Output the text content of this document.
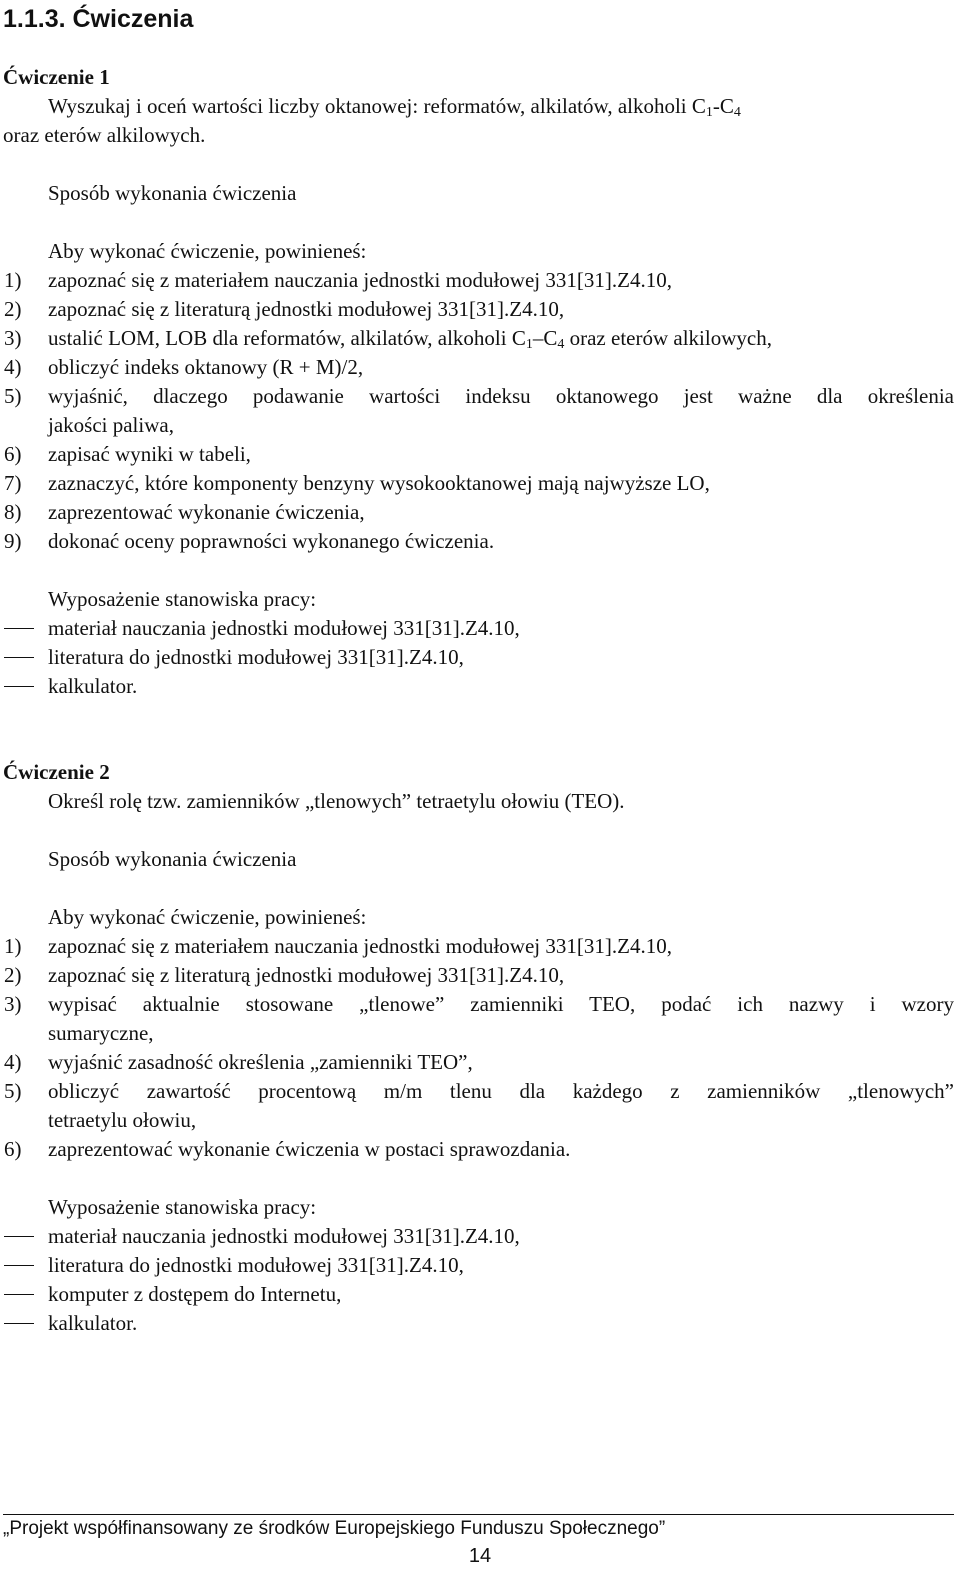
1.1.3. Ćwiczenia
Ćwiczenie 1
Wyszukaj i oceń wartości liczby oktanowej: reformatów, alkilatów, alkoholi $C_1-C_4$
oraz eterów alkilowych.
Sposób wykonania ćwiczenia
Aby wykonać ćwiczenie, powinieneś:
1) zapoznać się z materiałem nauczania jednostki modułowej 331[31].Z4.10,
2) zapoznać się z literaturą jednostki modułowej 331[31].Z4.10,
3) ustalić LOM, LOB dla reformatów, alkilatów, alkoholi $C_1-C_4$ oraz eterów alkilowych,
4) obliczyć indeks oktanowy (R + M)/2,
5) wyjaśnić, dlaczego podawanie wartości indeksu oktanowego jest ważne dla określenia
jakości paliwa,
6) zapisać wyniki w tabeli,
7) zaznaczyć, które komponenty benzyny wysokooktanowej mają najwyższe LO,
8) zaprezentować wykonanie ćwiczenia,
9) dokonać oceny poprawności wykonanego ćwiczenia.
Wyposażenie stanowiska pracy:
materiał nauczania jednostki modułowej 331[31].Z4.10,
literatura do jednostki modułowej 331[31].Z4.10,
kalkulator.
Ćwiczenie 2
Określ rolę tzw. zamienników „tlenowych” tetraetylu ołowiu (TEO).
Sposób wykonania ćwiczenia
Aby wykonać ćwiczenie, powinieneś:
1) zapoznać się z materiałem nauczania jednostki modułowej 331[31].Z4.10,
2) zapoznać się z literaturą jednostki modułowej 331[31].Z4.10,
3) wypisać aktualnie stosowane „tlenowe” zamienniki TEO, podać ich nazwy i wzory
sumaryczne,
4) wyjaśnić zasadność określenia „zamienniki TEO”,
5) obliczyć zawartość procentową m/m tlenu dla każdego z zamienników „tlenowych”
tetraetylu ołowiu,
6) zaprezentować wykonanie ćwiczenia w postaci sprawozdania.
Wyposażenie stanowiska pracy:
materiał nauczania jednostki modułowej 331[31].Z4.10,
literatura do jednostki modułowej 331[31].Z4.10,
komputer z dostępem do Internetu,
kalkulator.
„Projekt współfinansowany ze środków Europejskiego Funduszu Społecznego”
14
